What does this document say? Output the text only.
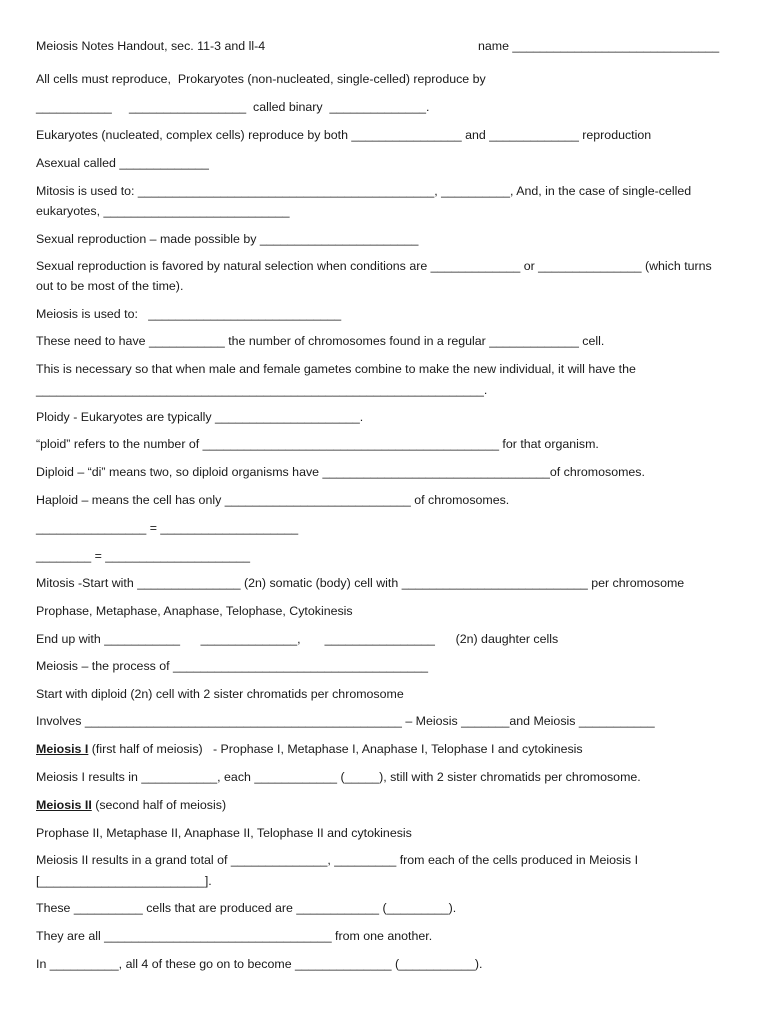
Meiosis Notes Handout, sec. 11-3 and ll-4	name ______________________________
All cells must reproduce,  Prokaryotes (non-nucleated, single-celled) reproduce by
___________     _________________  called binary  ______________.
Eukaryotes (nucleated, complex cells) reproduce by both ________________ and _____________ reproduction
Asexual called _____________
Mitosis is used to: ___________________________________________, __________, And, in the case of single-celled
eukaryotes, ___________________________
Sexual reproduction – made possible by _______________________
Sexual reproduction is favored by natural selection when conditions are _____________ or _______________ (which turns
out to be most of the time).
Meiosis is used to:   ____________________________
These need to have ___________ the number of chromosomes found in a regular _____________ cell.
This is necessary so that when male and female gametes combine to make the new individual, it will have the
_________________________________________________________________.
Ploidy - Eukaryotes are typically _____________________.
“ploid” refers to the number of ___________________________________________ for that organism.
Diploid – “di” means two, so diploid organisms have _________________________________of chromosomes.
Haploid – means the cell has only ___________________________ of chromosomes.
________________ = ____________________
________ = _____________________
Mitosis -Start with _______________ (2n) somatic (body) cell with ___________________________ per chromosome
Prophase, Metaphase, Anaphase, Telophase, Cytokinesis
End up with ___________      ______________,       ________________      (2n) daughter cells
Meiosis – the process of _____________________________________
Start with diploid (2n) cell with 2 sister chromatids per chromosome
Involves ______________________________________________ – Meiosis _______and Meiosis ___________
Meiosis I (first half of meiosis)   - Prophase I, Metaphase I, Anaphase I, Telophase I and cytokinesis
Meiosis I results in ___________, each ____________ (_____), still with 2 sister chromatids per chromosome.
Meiosis II (second half of meiosis)
Prophase II, Metaphase II, Anaphase II, Telophase II and cytokinesis
Meiosis II results in a grand total of ______________, _________ from each of the cells produced in Meiosis I
[________________________].
These __________ cells that are produced are ____________ (_________).
They are all _________________________________ from one another.
In __________, all 4 of these go on to become ______________ (___________).
